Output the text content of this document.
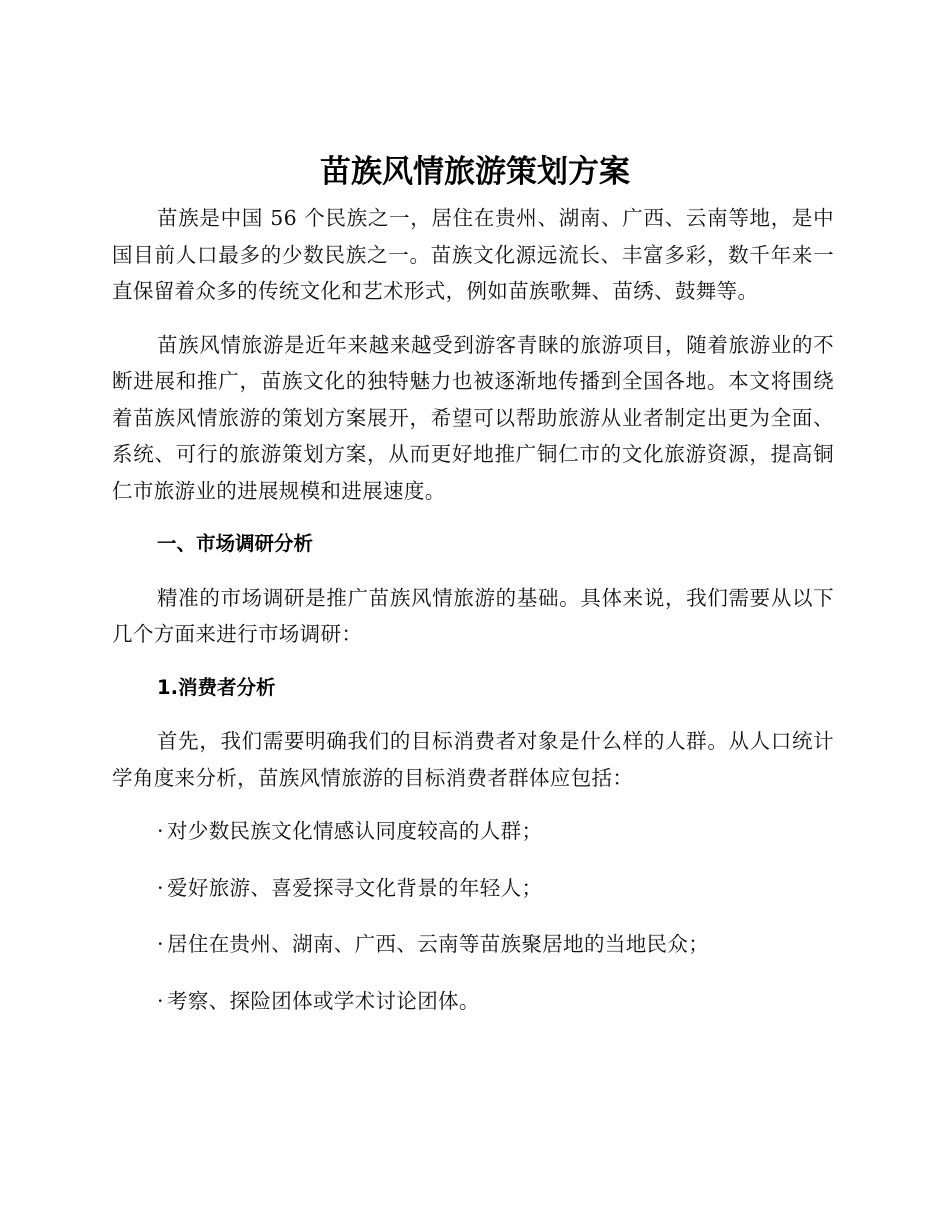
苗族风情旅游策划方案

苗族是中国 56 个民族之一，居住在贵州、湖南、广西、云南等地，是中国目前人口最多的少数民族之一。苗族文化源远流长、丰富多彩，数千年来一直保留着众多的传统文化和艺术形式，例如苗族歌舞、苗绣、鼓舞等。

苗族风情旅游是近年来越来越受到游客青睐的旅游项目，随着旅游业的不断进展和推广，苗族文化的独特魅力也被逐渐地传播到全国各地。本文将围绕着苗族风情旅游的策划方案展开，希望可以帮助旅游从业者制定出更为全面、系统、可行的旅游策划方案，从而更好地推广铜仁市的文化旅游资源，提高铜仁市旅游业的进展规模和进展速度。

一、市场调研分析

精准的市场调研是推广苗族风情旅游的基础。具体来说，我们需要从以下几个方面来进行市场调研：

1.消费者分析

首先，我们需要明确我们的目标消费者对象是什么样的人群。从人口统计学角度来分析，苗族风情旅游的目标消费者群体应包括：

· 对少数民族文化情感认同度较高的人群；
· 爱好旅游、喜爱探寻文化背景的年轻人；
· 居住在贵州、湖南、广西、云南等苗族聚居地的当地民众；
· 考察、探险团体或学术讨论团体。
